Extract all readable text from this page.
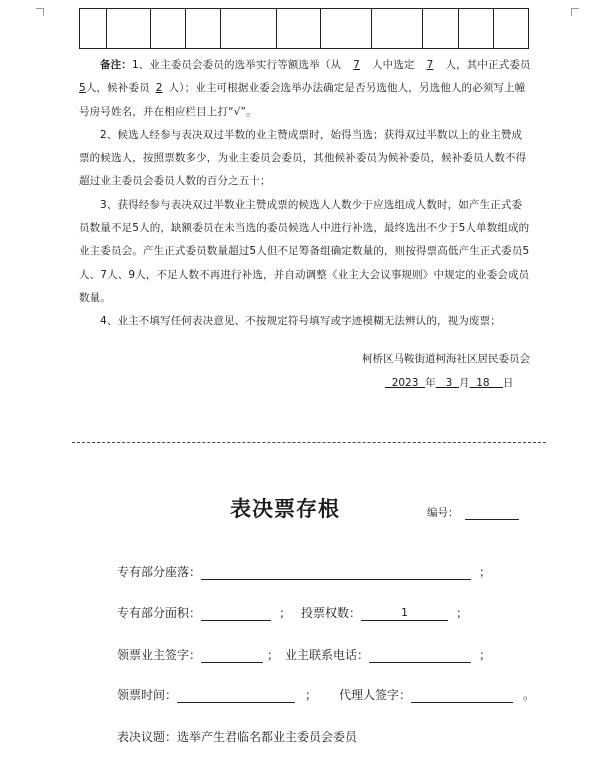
备注：1、业主委员会委员的选举实行等额选举（从 7 人中选定 7 人，其中正式委员5人，候补委员 2 人）；业主可根据业委会选举办法确定是否另选他人，另选他人的必须写上幢号房号姓名，并在相应栏目上打“√”。

2、候选人经参与表决双过半数的业主赞成票时，始得当选；获得双过半数以上的业主赞成票的候选人，按照票数多少，为业主委员会委员，其他候补委员为候补委员，候补委员人数不得超过业主委员会委员人数的百分之五十；

3、获得经参与表决双过半数业主赞成票的候选人人数少于应选组成人数时，如产生正式委员数量不足5人的，缺额委员在未当选的委员候选人中进行补选，最终选出不少于5人单数组成的业主委员会。产生正式委员数量超过5人但不足筹备组确定数量的，则按得票高低产生正式委员5人、7人、9人，不足人数不再进行补选，并自动调整《业主大会议事规则》中规定的业委会成员数量。

4、业主不填写任何表决意见、不按规定符号填写或字迹模糊无法辨认的，视为废票；

柯桥区马鞍街道柯海社区居民委员会
2023 年 3 月 18 日
表决票存根	编号：
专有部分座落：	；
专有部分面积：	； 投票权数：	1	；
领票业主签字：	； 业主联系电话：	；
领票时间：	； 代理人签字：	。
表决议题：选举产生君临名都业主委员会委员
